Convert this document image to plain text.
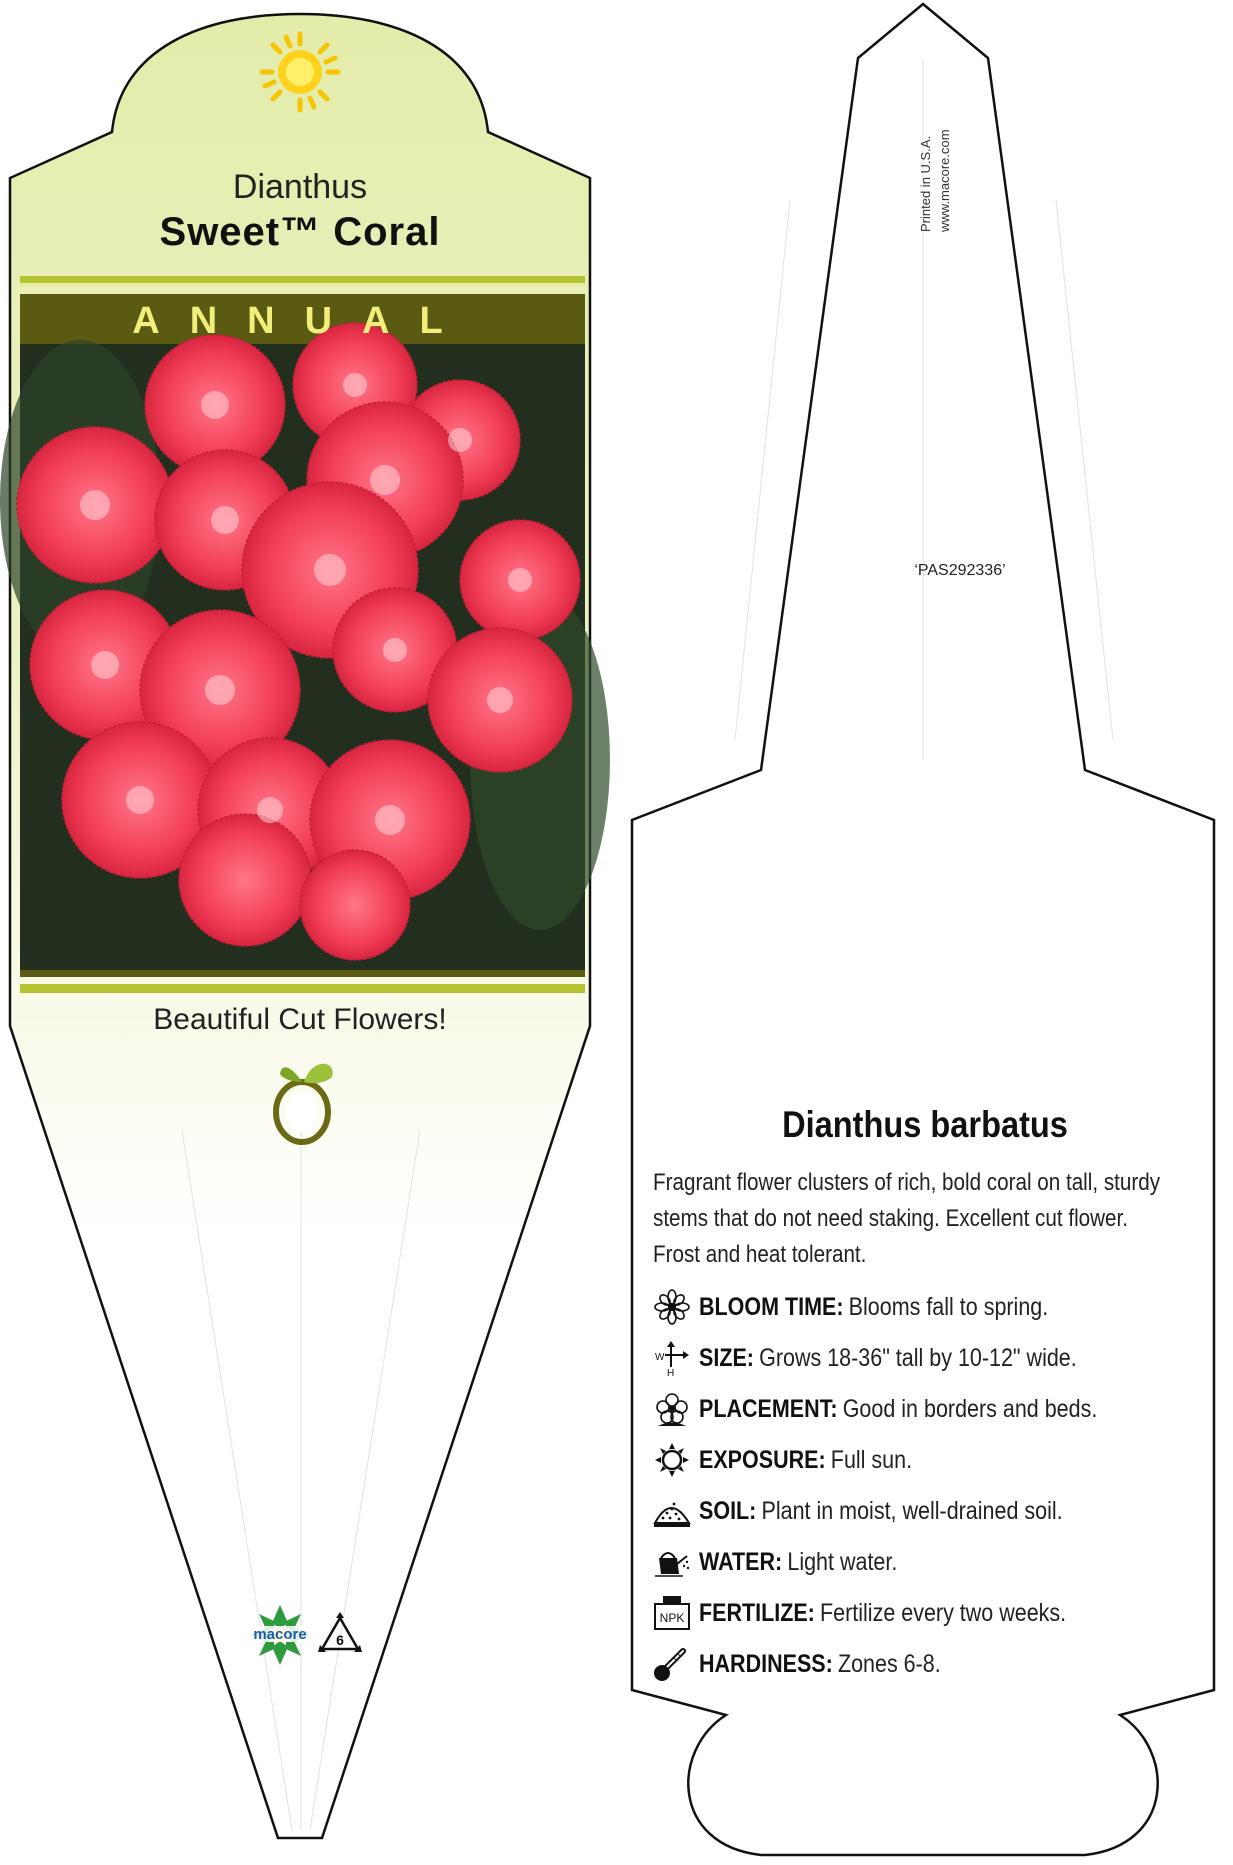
macore 6
Dianthus
Sweet™ Coral
ANNUAL
Beautiful Cut Flowers!
Printed in U.S.A. www.macore.com
‘PAS292336’
Dianthus barbatus
Fragrant flower clusters of rich, bold coral on tall, sturdy
stems that do not need staking. Excellent cut flower.
Frost and heat tolerant.
BLOOM TIME: Blooms fall to spring.
W
H
SIZE: Grows 18-36" tall by 10-12" wide.
PLACEMENT: Good in borders and beds.
EXPOSURE: Full sun.
SOIL: Plant in moist, well-drained soil.
WATER: Light water.
NPK FERTILIZE: Fertilize every two weeks.
HARDINESS: Zones 6-8.
